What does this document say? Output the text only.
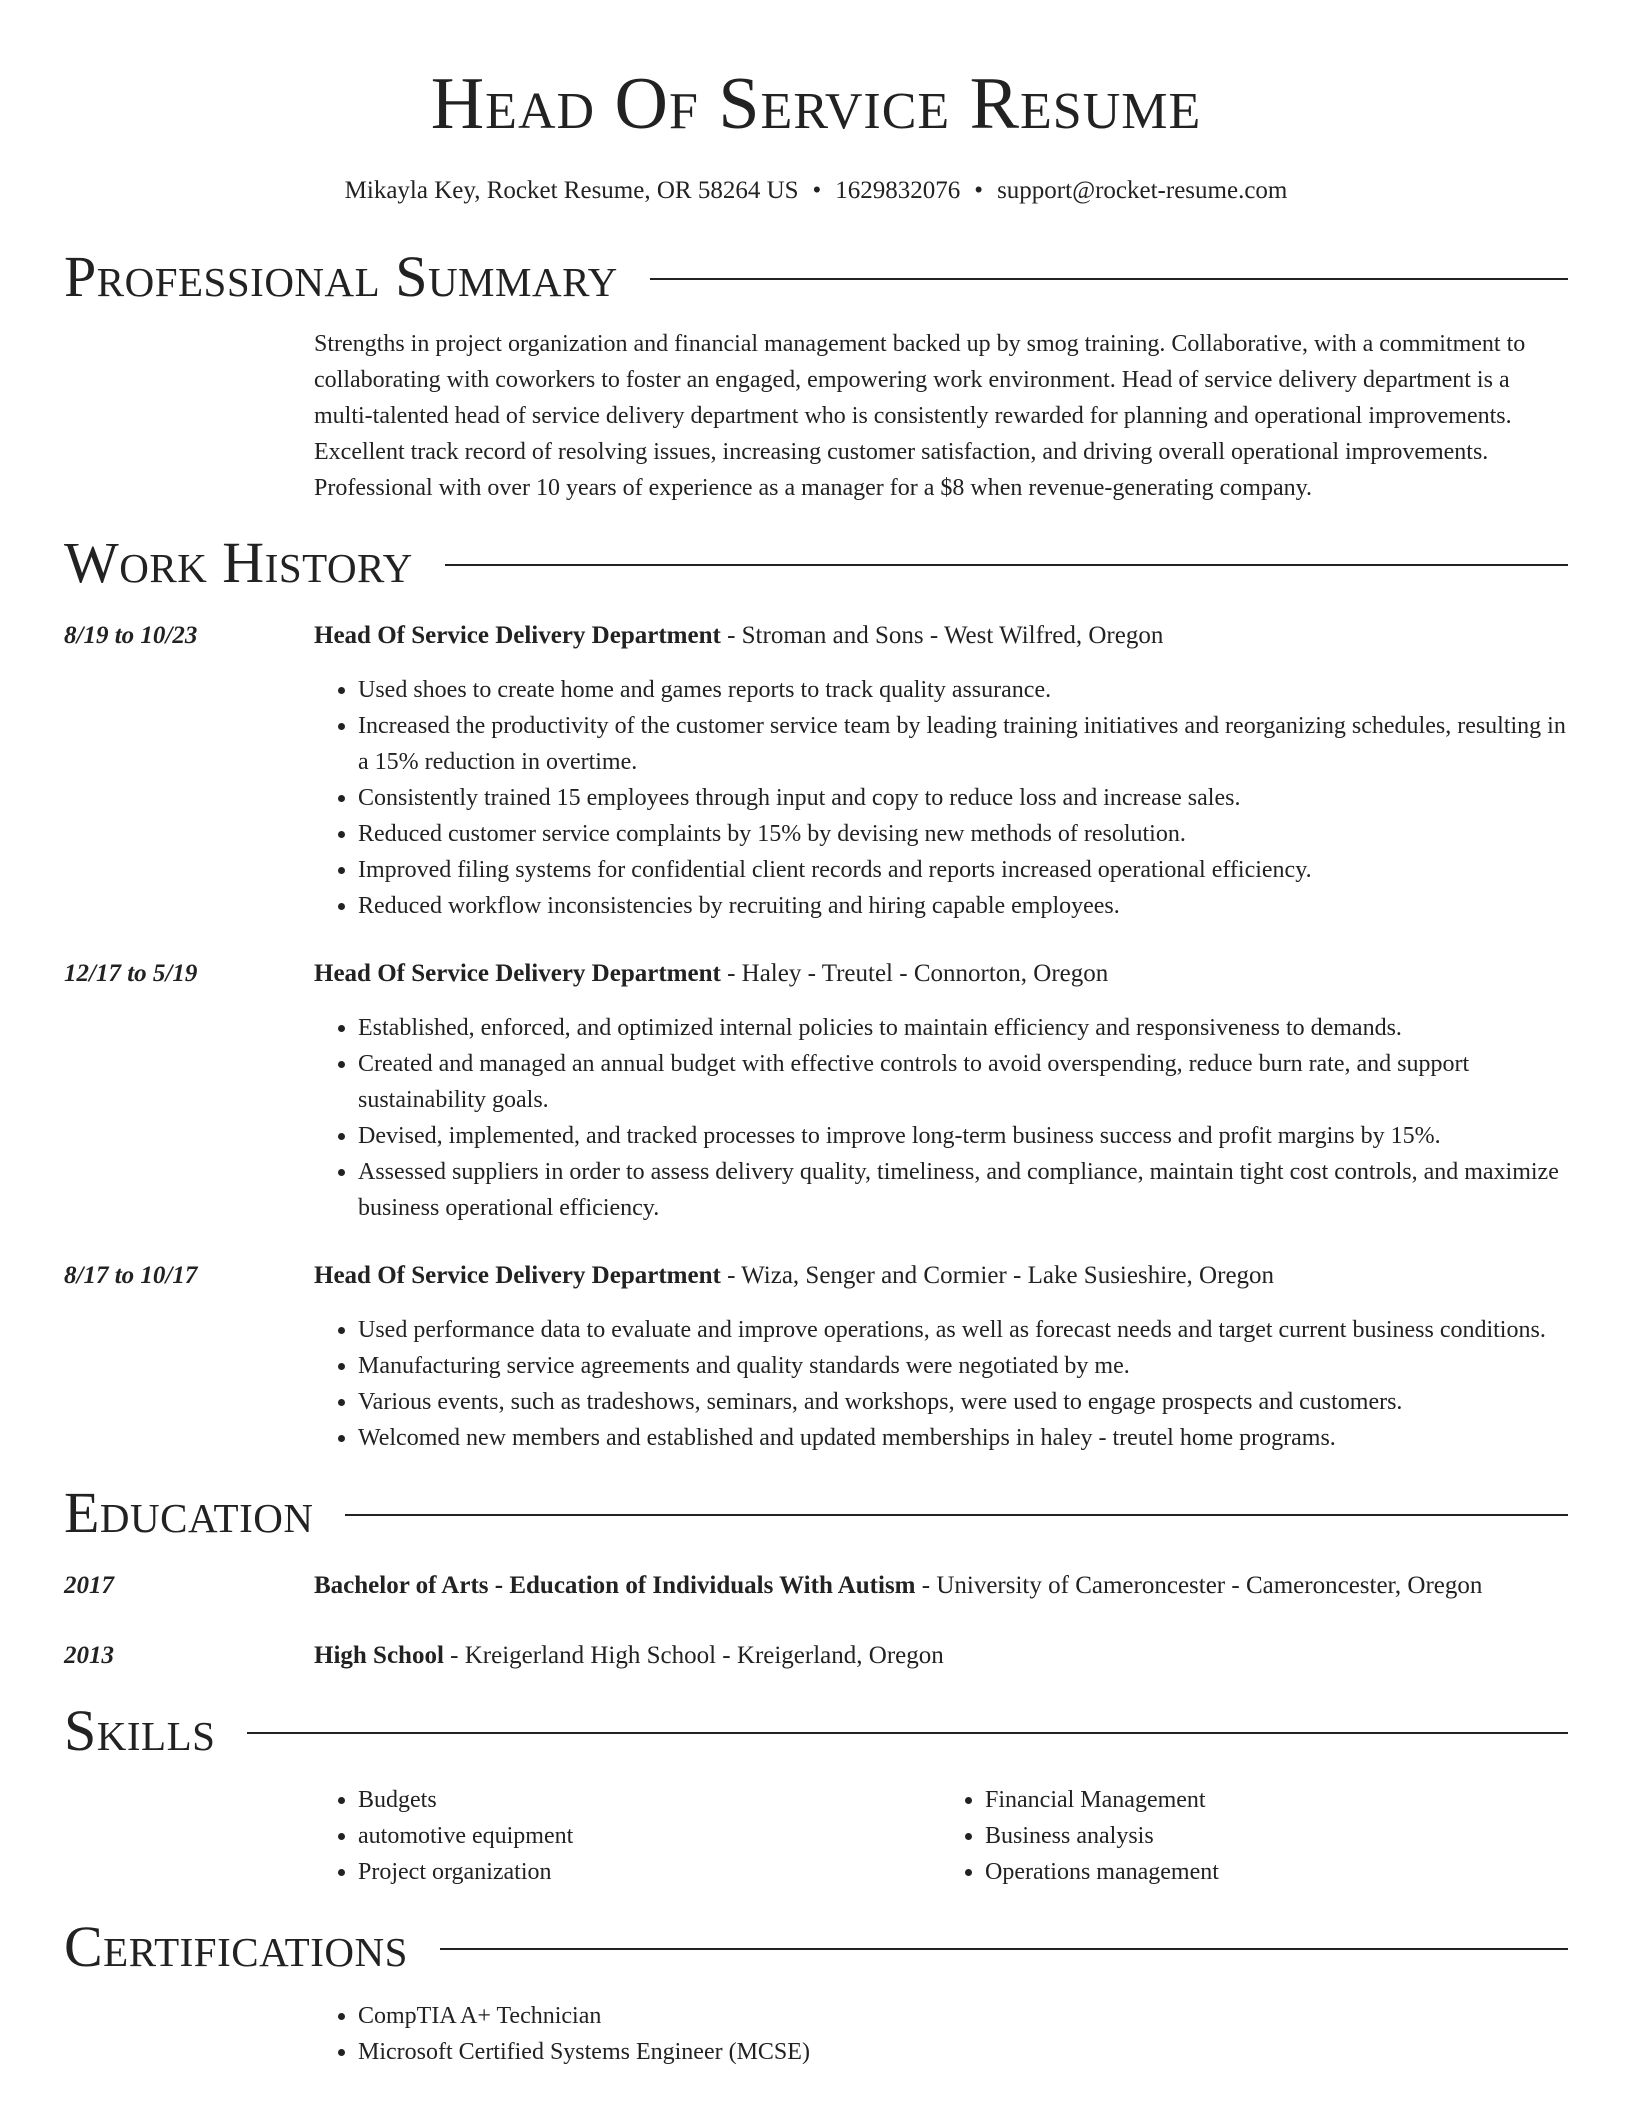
Head Of Service Resume
Mikayla Key, Rocket Resume, OR 58264 US • 1629832076 • support@rocket-resume.com
Professional Summary
Strengths in project organization and financial management backed up by smog training. Collaborative, with a commitment to collaborating with coworkers to foster an engaged, empowering work environment. Head of service delivery department is a multi-talented head of service delivery department who is consistently rewarded for planning and operational improvements. Excellent track record of resolving issues, increasing customer satisfaction, and driving overall operational improvements. Professional with over 10 years of experience as a manager for a $8 when revenue-generating company.
Work History
8/19 to 10/23	Head Of Service Delivery Department - Stroman and Sons - West Wilfred, Oregon
• Used shoes to create home and games reports to track quality assurance.
• Increased the productivity of the customer service team by leading training initiatives and reorganizing schedules, resulting in a 15% reduction in overtime.
• Consistently trained 15 employees through input and copy to reduce loss and increase sales.
• Reduced customer service complaints by 15% by devising new methods of resolution.
• Improved filing systems for confidential client records and reports increased operational efficiency.
• Reduced workflow inconsistencies by recruiting and hiring capable employees.
12/17 to 5/19	Head Of Service Delivery Department - Haley - Treutel - Connorton, Oregon
• Established, enforced, and optimized internal policies to maintain efficiency and responsiveness to demands.
• Created and managed an annual budget with effective controls to avoid overspending, reduce burn rate, and support sustainability goals.
• Devised, implemented, and tracked processes to improve long-term business success and profit margins by 15%.
• Assessed suppliers in order to assess delivery quality, timeliness, and compliance, maintain tight cost controls, and maximize business operational efficiency.
8/17 to 10/17	Head Of Service Delivery Department - Wiza, Senger and Cormier - Lake Susieshire, Oregon
• Used performance data to evaluate and improve operations, as well as forecast needs and target current business conditions.
• Manufacturing service agreements and quality standards were negotiated by me.
• Various events, such as tradeshows, seminars, and workshops, were used to engage prospects and customers.
• Welcomed new members and established and updated memberships in haley - treutel home programs.
Education
2017	Bachelor of Arts - Education of Individuals With Autism - University of Cameroncester - Cameroncester, Oregon
2013	High School - Kreigerland High School - Kreigerland, Oregon
Skills
• Budgets
• automotive equipment
• Project organization
• Financial Management
• Business analysis
• Operations management
Certifications
• CompTIA A+ Technician
• Microsoft Certified Systems Engineer (MCSE)
